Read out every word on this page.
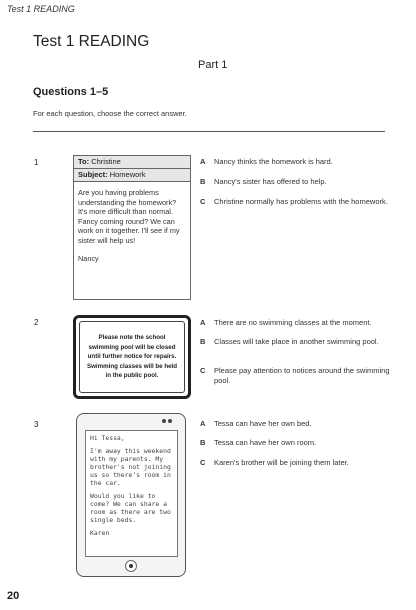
Test 1 READING
Test 1 READING
Part 1
Questions 1–5
For each question, choose the correct answer.
1	To: Christine
Subject: Homework
Are you having problems understanding the homework? It's more difficult than normal. Fancy coming round? We can work on it together. I'll see if my sister will help us!
Nancy
A Nancy thinks the homework is hard.
B Nancy's sister has offered to help.
C Christine normally has problems with the homework.
2
Please note the school swimming pool will be closed until further notice for repairs. Swimming classes will be held in the public pool.
A There are no swimming classes at the moment.
B Classes will take place in another swimming pool.
C Please pay attention to notices around the swimming pool.
3

Hi Tessa,

I'm away this weekend with my parents. My brother's not joining us so there's room in the car.

Would you like to come? We can share a room as there are two single beds.

Karen

A Tessa can have her own bed.
B Tessa can have her own room.
C Karen's brother will be joining them later.
20
